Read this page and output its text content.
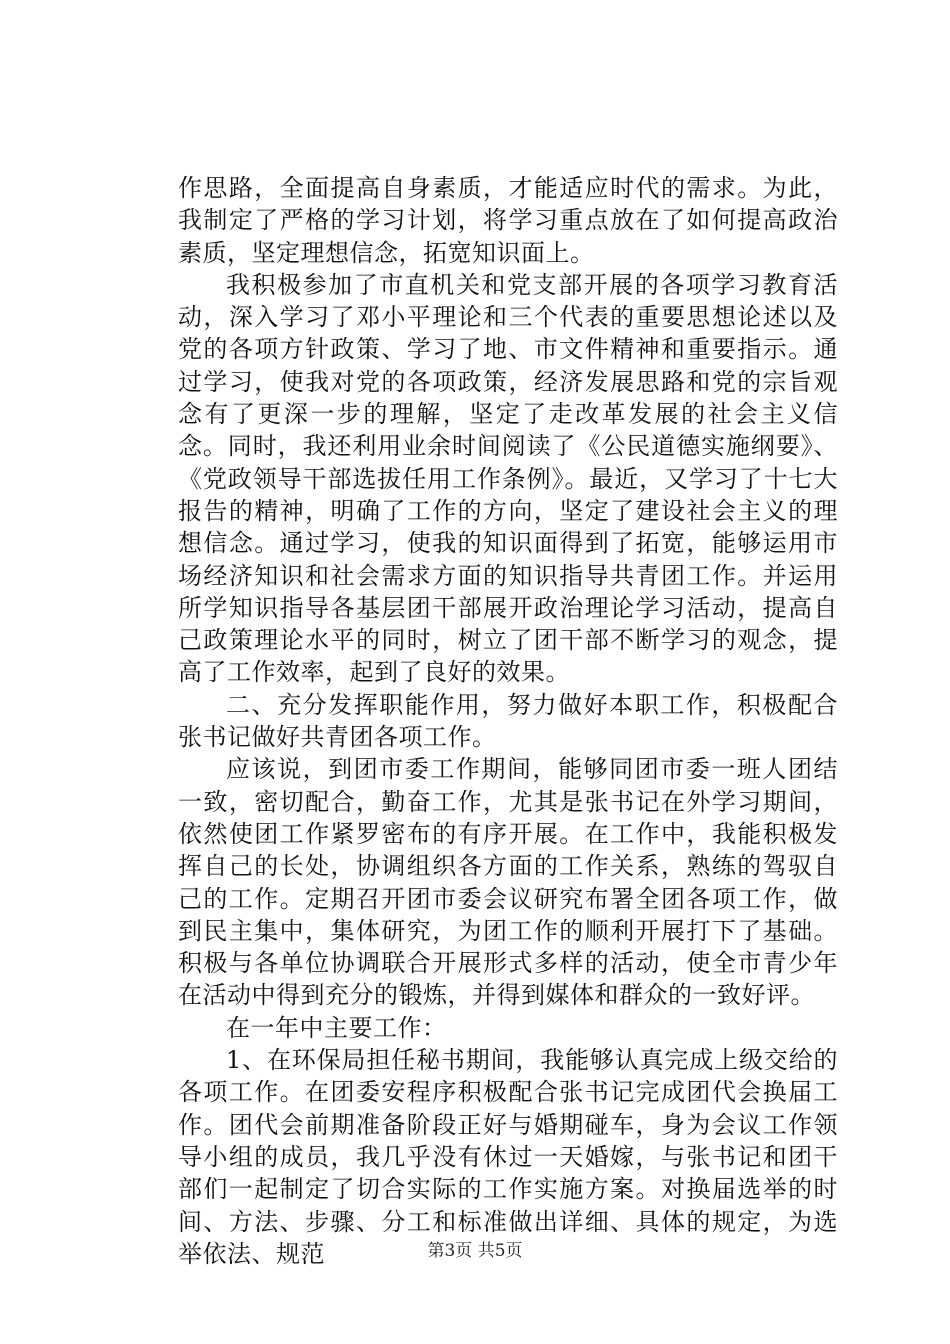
作思路，全面提高自身素质，才能适应时代的需求。为此，我制定了严格的学习计划，将学习重点放在了如何提高政治素质，坚定理想信念，拓宽知识面上。

我积极参加了市直机关和党支部开展的各项学习教育活动，深入学习了邓小平理论和三个代表的重要思想论述以及党的各项方针政策、学习了地、市文件精神和重要指示。通过学习，使我对党的各项政策，经济发展思路和党的宗旨观念有了更深一步的理解，坚定了走改革发展的社会主义信念。同时，我还利用业余时间阅读了《公民道德实施纲要》、《党政领导干部选拔任用工作条例》。最近，又学习了十七大报告的精神，明确了工作的方向，坚定了建设社会主义的理想信念。通过学习，使我的知识面得到了拓宽，能够运用市场经济知识和社会需求方面的知识指导共青团工作。并运用所学知识指导各基层团干部展开政治理论学习活动，提高自己政策理论水平的同时，树立了团干部不断学习的观念，提高了工作效率，起到了良好的效果。

二、充分发挥职能作用，努力做好本职工作，积极配合张书记做好共青团各项工作。

应该说，到团市委工作期间，能够同团市委一班人团结一致，密切配合，勤奋工作，尤其是张书记在外学习期间，依然使团工作紧罗密布的有序开展。在工作中，我能积极发挥自己的长处，协调组织各方面的工作关系，熟练的驾驭自己的工作。定期召开团市委会议研究布署全团各项工作，做到民主集中，集体研究，为团工作的顺利开展打下了基础。积极与各单位协调联合开展形式多样的活动，使全市青少年在活动中得到充分的锻炼，并得到媒体和群众的一致好评。

在一年中主要工作：

1、在环保局担任秘书期间，我能够认真完成上级交给的各项工作。在团委安程序积极配合张书记完成团代会换届工作。团代会前期准备阶段正好与婚期碰车，身为会议工作领导小组的成员，我几乎没有休过一天婚嫁，与张书记和团干部们一起制定了切合实际的工作实施方案。对换届选举的时间、方法、步骤、分工和标准做出详细、具体的规定，为选举依法、规范	第3页 共5页
